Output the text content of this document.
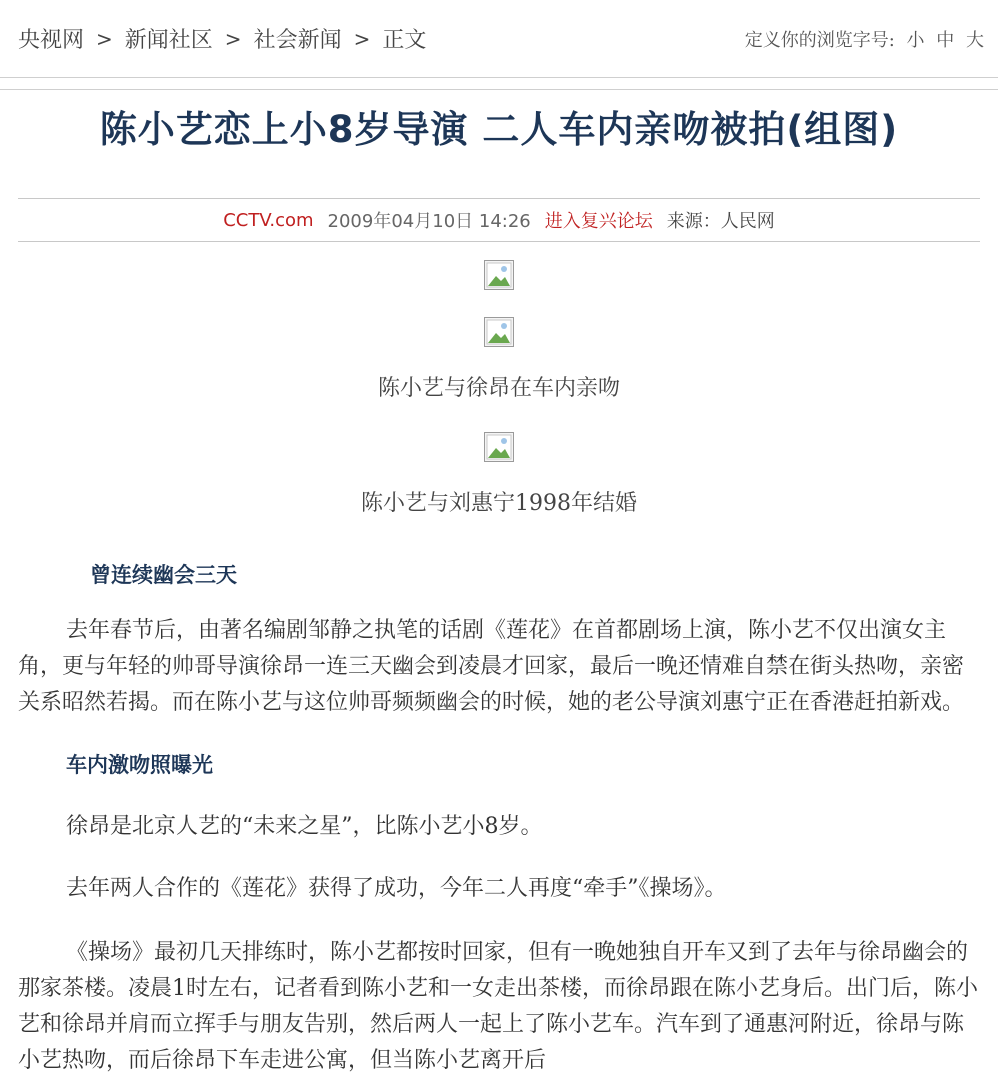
央视网 > 新闻社区 > 社会新闻 > 正文	定义你的浏览字号: 小 中 大
陈小艺恋上小8岁导演 二人车内亲吻被拍(组图)
CCTV.com 2009年04月10日 14:26 进入复兴论坛 来源：人民网
陈小艺与徐昂在车内亲吻
陈小艺与刘惠宁1998年结婚
曾连续幽会三天

去年春节后，由著名编剧邹静之执笔的话剧《莲花》在首都剧场上演，陈小艺不仅出演女主角，更与年轻的帅哥导演徐昂一连三天幽会到凌晨才回家，最后一晚还情难自禁在街头热吻，亲密关系昭然若揭。而在陈小艺与这位帅哥频频幽会的时候，她的老公导演刘惠宁正在香港赶拍新戏。

车内激吻照曝光

徐昂是北京人艺的“未来之星”，比陈小艺小8岁。

去年两人合作的《莲花》获得了成功，今年二人再度“牵手”《操场》。

《操场》最初几天排练时，陈小艺都按时回家，但有一晚她独自开车又到了去年与徐昂幽会的那家茶楼。凌晨1时左右，记者看到陈小艺和一女走出茶楼，而徐昂跟在陈小艺身后。出门后，陈小艺和徐昂并肩而立挥手与朋友告别，然后两人一起上了陈小艺车。汽车到了通惠河附近，徐昂与陈小艺热吻，而后徐昂下车走进公寓，但当陈小艺离开后
